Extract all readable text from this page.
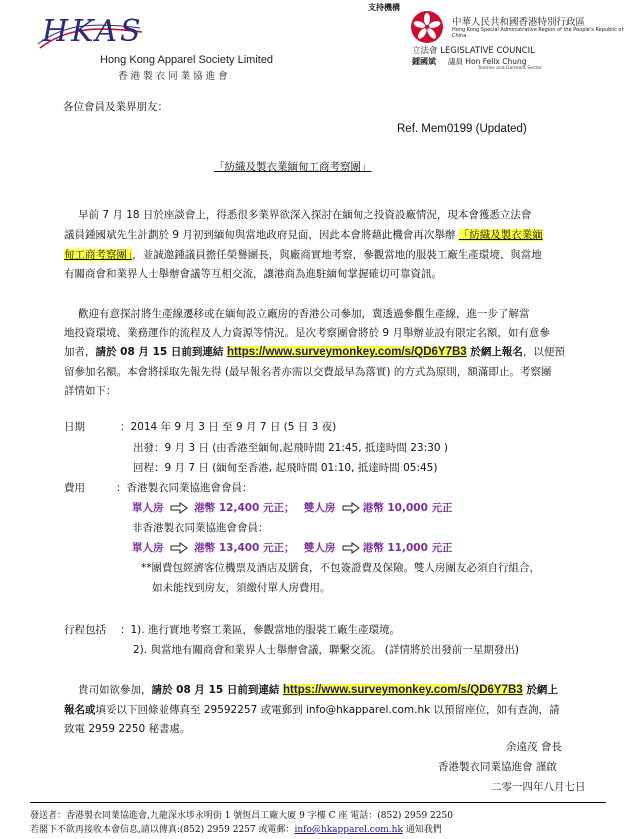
支持機構
HKAS
Hong Kong Apparel Society Limited
香 港 製 衣 同 業 協 進 會
中華人民共和國香港特別行政區
Hong Kong Special Administrative Region of the People's Republic of China
立法會 LEGISLATIVE COUNCIL
鍾國斌 議員 Hon Felix Chung
Textiles and Garment Sector
各位會員及業界朋友：
Ref. Mem0199 (Updated)
「紡織及製衣業緬甸工商考察團」
早前 7 月 18 日於座談會上，得悉很多業界欲深入探討在緬甸之投資設廠情況，現本會獲悉立法會
議員鍾國斌先生計劃於 9 月初到緬甸與當地政府見面，因此本會將藉此機會再次舉辦 「紡織及製衣業緬
甸工商考察團」，並誠邀鍾議員擔任榮譽團長，與廠商實地考察，參觀當地的服裝工廠生產環境、與當地
有關商會和業界人士舉辦會議等互相交流，讓港商為進駐緬甸掌握確切可靠資訊。
歡迎有意探討將生產線遷移或在緬甸設立廠房的香港公司參加，冀透過參觀生產線，進一步了解當
地投資環境、業務運作的流程及人力資源等情況。是次考察團會將於 9 月舉辦並設有限定名額，如有意參
加者，請於 08 月 15 日前到連結 https://www.surveymonkey.com/s/QD6Y7B3 於網上報名，以便預
留參加名額。本會將採取先報先得 (最早報名者亦需以交費最早為落實) 的方式為原則，額滿即止。考察團
詳情如下：
日期	：2014 年 9 月 3 日 至 9 月 7 日 (5 日 3 夜)
出發：9 月 3 日 (由香港至緬甸,起飛時間 21:45, 抵達時間 23:30 )
回程：9 月 7 日 (緬甸至香港, 起飛時間 01:10, 抵達時間 05:45)
費用	：香港製衣同業協進會會員：
單人房	港幣 12,400 元正； 雙人房	港幣 10,000 元正
非香港製衣同業協進會會員：
單人房	港幣 13,400 元正； 雙人房	港幣 11,000 元正
**團費包經濟客位機票及酒店及膳食，不包簽證費及保險。雙人房團友必須自行組合，
如未能找到房友，須繳付單人房費用。
行程包括 ：1). 進行實地考察工業區，參觀當地的服裝工廠生產環境。
2). 與當地有關商會和業界人士舉辦會議，聯繫交流。 (詳情將於出發前一星期發出)
貴司如欲參加，請於 08 月 15 日前到連結 https://www.surveymonkey.com/s/QD6Y7B3 於網上
報名或填妥以下回條並傳真至 29592257 或電郵到 info@hkapparel.com.hk 以預留座位，如有查詢，請
致電 2959 2250 秘書處。
余遠茂 會長
香港製衣同業協進會 謹啟
二零一四年八月七日
發送者：香港製衣同業協進會,九龍深水埗永明街 1 號恆昌工廠大廈 9 字樓 C 座 電話：(852) 2959 2250
若閣下不欲再接收本會信息,請以傳真:(852) 2959 2257 或電郵：info@hkapparel.com.hk 通知我們
